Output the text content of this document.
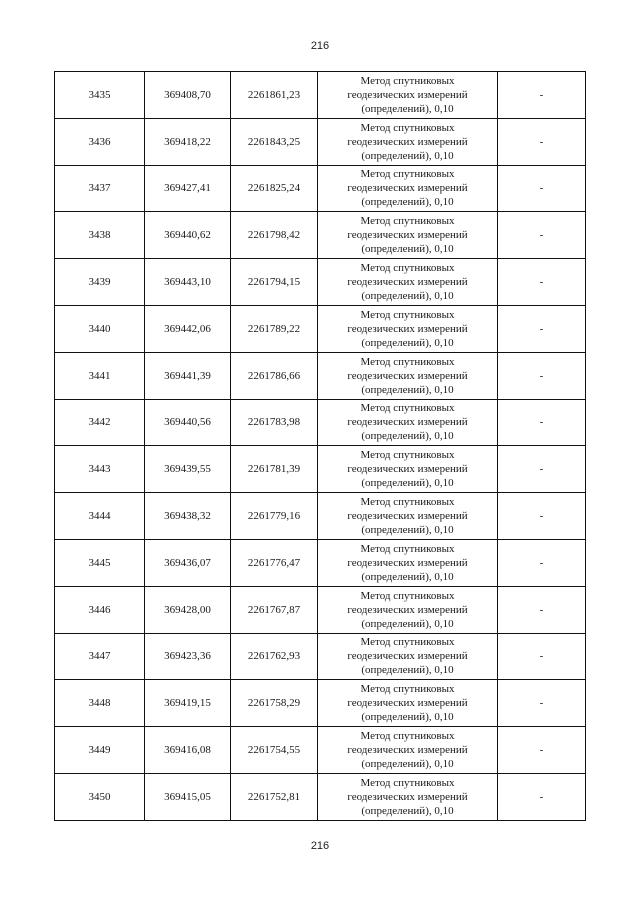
216
3435	369408,70	2261861,23	Метод спутниковых
геодезических измерений
(определений), 0,10	-
3436	369418,22	2261843,25	Метод спутниковых
геодезических измерений
(определений), 0,10	-
3437	369427,41	2261825,24	Метод спутниковых
геодезических измерений
(определений), 0,10	-
3438	369440,62	2261798,42	Метод спутниковых
геодезических измерений
(определений), 0,10	-
3439	369443,10	2261794,15	Метод спутниковых
геодезических измерений
(определений), 0,10	-
3440	369442,06	2261789,22	Метод спутниковых
геодезических измерений
(определений), 0,10	-
3441	369441,39	2261786,66	Метод спутниковых
геодезических измерений
(определений), 0,10	-
3442	369440,56	2261783,98	Метод спутниковых
геодезических измерений
(определений), 0,10	-
3443	369439,55	2261781,39	Метод спутниковых
геодезических измерений
(определений), 0,10	-
3444	369438,32	2261779,16	Метод спутниковых
геодезических измерений
(определений), 0,10	-
3445	369436,07	2261776,47	Метод спутниковых
геодезических измерений
(определений), 0,10	-
3446	369428,00	2261767,87	Метод спутниковых
геодезических измерений
(определений), 0,10	-
3447	369423,36	2261762,93	Метод спутниковых
геодезических измерений
(определений), 0,10	-
3448	369419,15	2261758,29	Метод спутниковых
геодезических измерений
(определений), 0,10	-
3449	369416,08	2261754,55	Метод спутниковых
геодезических измерений
(определений), 0,10	-
3450	369415,05	2261752,81	Метод спутниковых
геодезических измерений
(определений), 0,10	-
216
